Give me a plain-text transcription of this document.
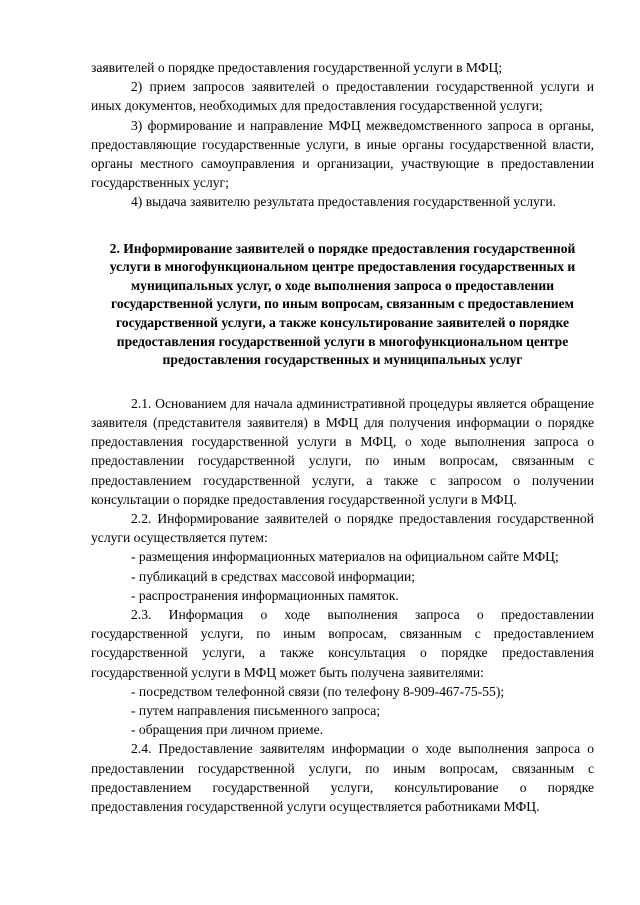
заявителей о порядке предоставления государственной услуги в МФЦ;

2) прием запросов заявителей о предоставлении государственной услуги и иных документов, необходимых для предоставления государственной услуги;

3) формирование и направление МФЦ межведомственного запроса в органы, предоставляющие государственные услуги, в иные органы государственной власти, органы местного самоуправления и организации, участвующие в предоставлении государственных услуг;

4) выдача заявителю результата предоставления государственной услуги.

2. Информирование заявителей о порядке предоставления государственной услуги в многофункциональном центре предоставления государственных и муниципальных услуг, о ходе выполнения запроса о предоставлении государственной услуги, по иным вопросам, связанным с предоставлением государственной услуги, а также консультирование заявителей о порядке предоставления государственной услуги в многофункциональном центре предоставления государственных и муниципальных услуг

2.1. Основанием для начала административной процедуры является обращение заявителя (представителя заявителя) в МФЦ для получения информации о порядке предоставления государственной услуги в МФЦ, о ходе выполнения запроса о предоставлении государственной услуги, по иным вопросам, связанным с предоставлением государственной услуги, а также с запросом о получении консультации о порядке предоставления государственной услуги в МФЦ.

2.2. Информирование заявителей о порядке предоставления государственной услуги осуществляется путем:

- размещения информационных материалов на официальном сайте МФЦ;

- публикаций в средствах массовой информации;

- распространения информационных памяток.

2.3. Информация о ходе выполнения запроса о предоставлении государственной услуги, по иным вопросам, связанным с предоставлением государственной услуги, а также консультация о порядке предоставления государственной услуги в МФЦ может быть получена заявителями:

- посредством телефонной связи (по телефону 8-909-467-75-55);

- путем направления письменного запроса;

- обращения при личном приеме.

2.4. Предоставление заявителям информации о ходе выполнения запроса о предоставлении государственной услуги, по иным вопросам, связанным с предоставлением государственной услуги, консультирование о порядке предоставления государственной услуги осуществляется работниками МФЦ.
